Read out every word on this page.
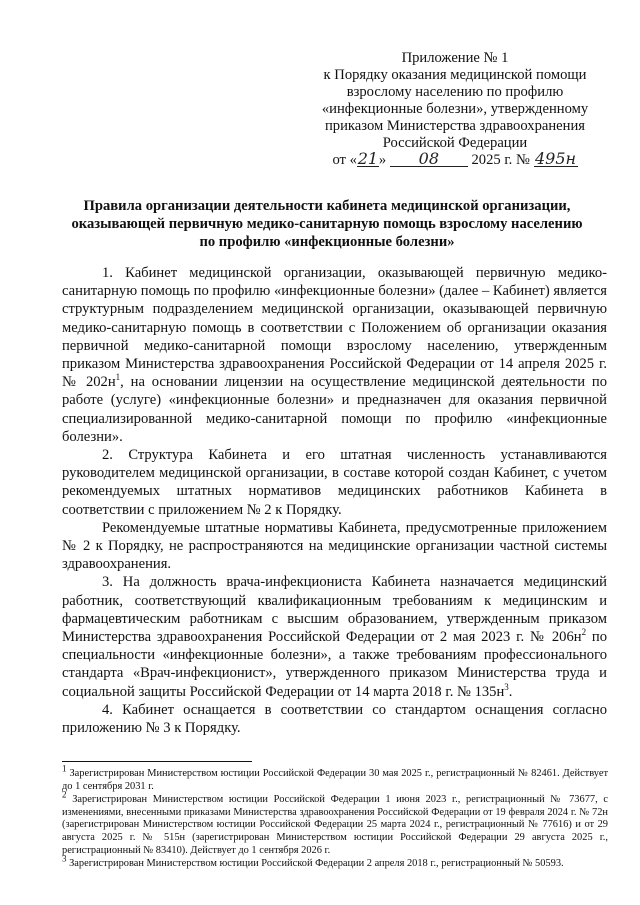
Приложение № 1
к Порядку оказания медицинской помощи
взрослому населению по профилю
«инфекционные болезни», утвержденному
приказом Министерства здравоохранения
Российской Федерации
от «21» 08 2025 г. № 495н
Правила организации деятельности кабинета медицинской организации,
оказывающей первичную медико-санитарную помощь взрослому населению
по профилю «инфекционные болезни»

1. Кабинет медицинской организации, оказывающей первичную медико-санитарную помощь по профилю «инфекционные болезни» (далее – Кабинет) является структурным подразделением медицинской организации, оказывающей первичную медико-санитарную помощь в соответствии с Положением об организации оказания первичной медико-санитарной помощи взрослому населению, утвержденным приказом Министерства здравоохранения Российской Федерации от 14 апреля 2025 г. № $202н^1$, на основании лицензии на осуществление медицинской деятельности по работе (услуге) «инфекционные болезни» и предназначен для оказания первичной специализированной медико-санитарной помощи по профилю «инфекционные болезни».

2. Структура Кабинета и его штатная численность устанавливаются руководителем медицинской организации, в составе которой создан Кабинет, с учетом рекомендуемых штатных нормативов медицинских работников Кабинета в соответствии с приложением № 2 к Порядку.

Рекомендуемые штатные нормативы Кабинета, предусмотренные приложением № 2 к Порядку, не распространяются на медицинские организации частной системы здравоохранения.

3. На должность врача-инфекциониста Кабинета назначается медицинский работник, соответствующий квалификационным требованиям к медицинским и фармацевтическим работникам с высшим образованием, утвержденным приказом Министерства здравоохранения Российской Федерации от 2 мая 2023 г. № $206н^2$ по специальности «инфекционные болезни», а также требованиям профессионального стандарта «Врач-инфекционист», утвержденного приказом Министерства труда и социальной защиты Российской Федерации от 14 марта 2018 г. № $135н^3$.

4. Кабинет оснащается в соответствии со стандартом оснащения согласно приложению № 3 к Порядку.

$^1$ Зарегистрирован Министерством юстиции Российской Федерации 30 мая 2025 г., регистрационный № 82461. Действует до 1 сентября 2031 г.

$^2$ Зарегистрирован Министерством юстиции Российской Федерации 1 июня 2023 г., регистрационный № 73677, с изменениями, внесенными приказами Министерства здравоохранения Российской Федерации от 19 февраля 2024 г. № 72н (зарегистрирован Министерством юстиции Российской Федерации 25 марта 2024 г., регистрационный № 77616) и от 29 августа 2025 г. № 515н (зарегистрирован Министерством юстиции Российской Федерации 29 августа 2025 г., регистрационный № 83410). Действует до 1 сентября 2026 г.

$^3$ Зарегистрирован Министерством юстиции Российской Федерации 2 апреля 2018 г., регистрационный № 50593.
